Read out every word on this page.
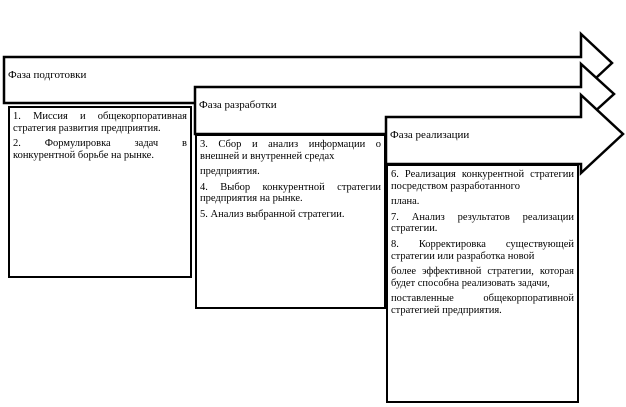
Фаза подготовки
Фаза разработки
Фаза реализации

1. Миссия и общекорпоративная стратегия развития предприятия.

2. Формулировка задач в конкурентной борьбе на рынке.

3. Сбор и анализ информации о внешней и внутренней средах

предприятия.

4. Выбор конкурентной стратегии предприятия на рынке.

5. Анализ выбранной стратегии.

6. Реализация конкурентной стратегии посредством разработанного

плана.

7. Анализ результатов реализации стратегии.

8. Корректировка существующей стратегии или разработка новой

более эффективной стратегии, которая будет способна реализовать задачи,

поставленные общекорпоративной стратегией предприятия.
